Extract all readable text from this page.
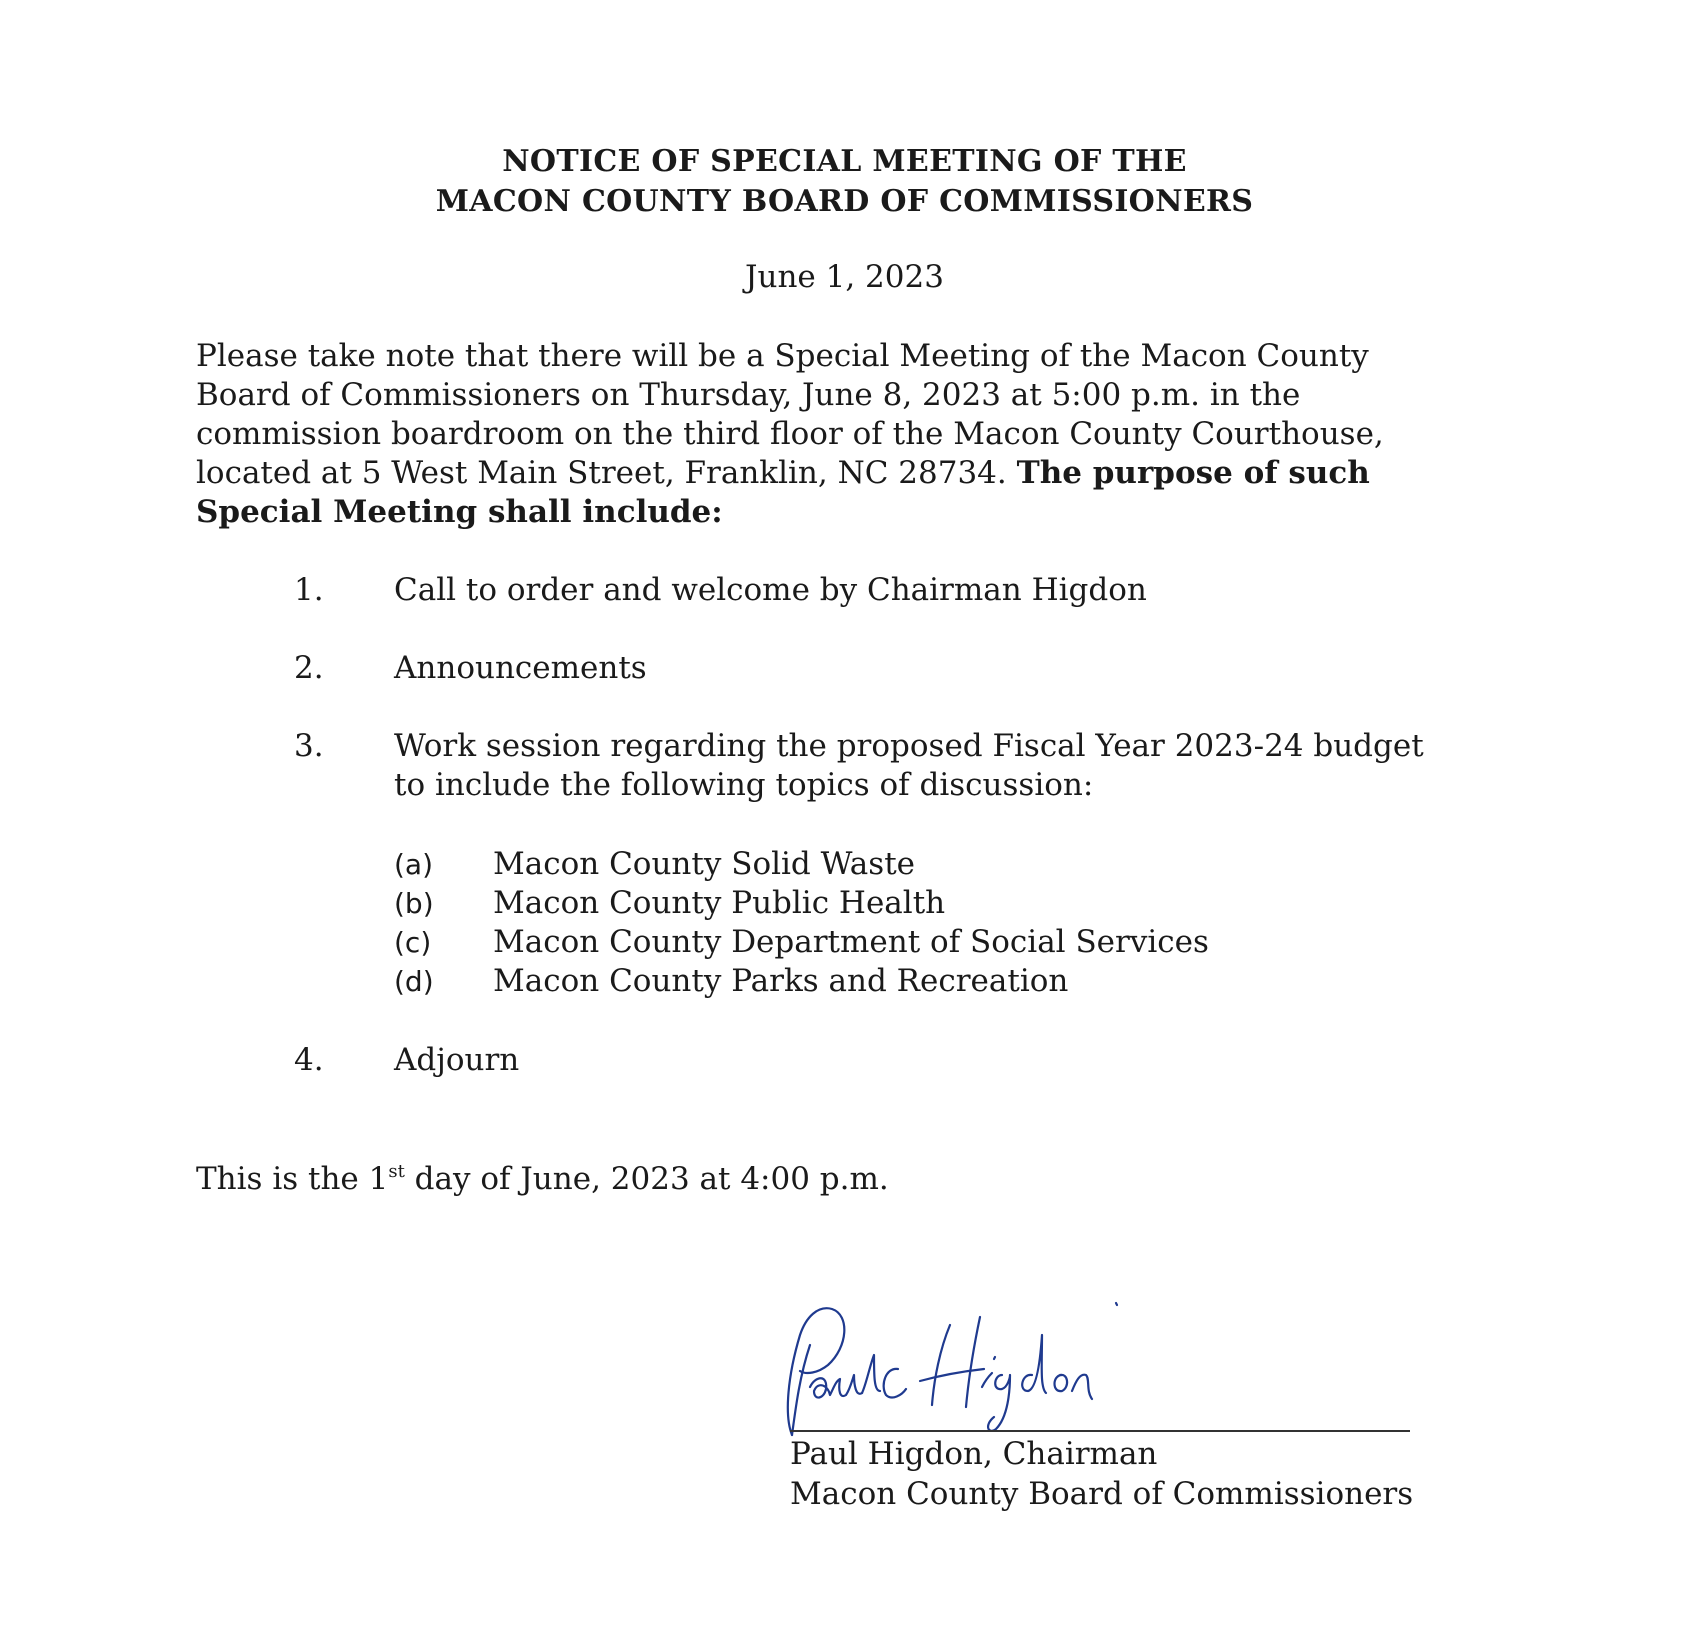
NOTICE OF SPECIAL MEETING OF THE
MACON COUNTY BOARD OF COMMISSIONERS
June 1, 2023
Please take note that there will be a Special Meeting of the Macon County Board of Commissioners on Thursday, June 8, 2023 at 5:00 p.m. in the commission boardroom on the third floor of the Macon County Courthouse, located at 5 West Main Street, Franklin, NC 28734. The purpose of such Special Meeting shall include:
1.	Call to order and welcome by Chairman Higdon
2.	Announcements
3.	Work session regarding the proposed Fiscal Year 2023-24 budget to include the following topics of discussion:
(a)	Macon County Solid Waste
(b)	Macon County Public Health
(c)	Macon County Department of Social Services
(d)	Macon County Parks and Recreation
4.	Adjourn
This is the 1st day of June, 2023 at 4:00 p.m.
Paul Higdon, Chairman
Macon County Board of Commissioners
